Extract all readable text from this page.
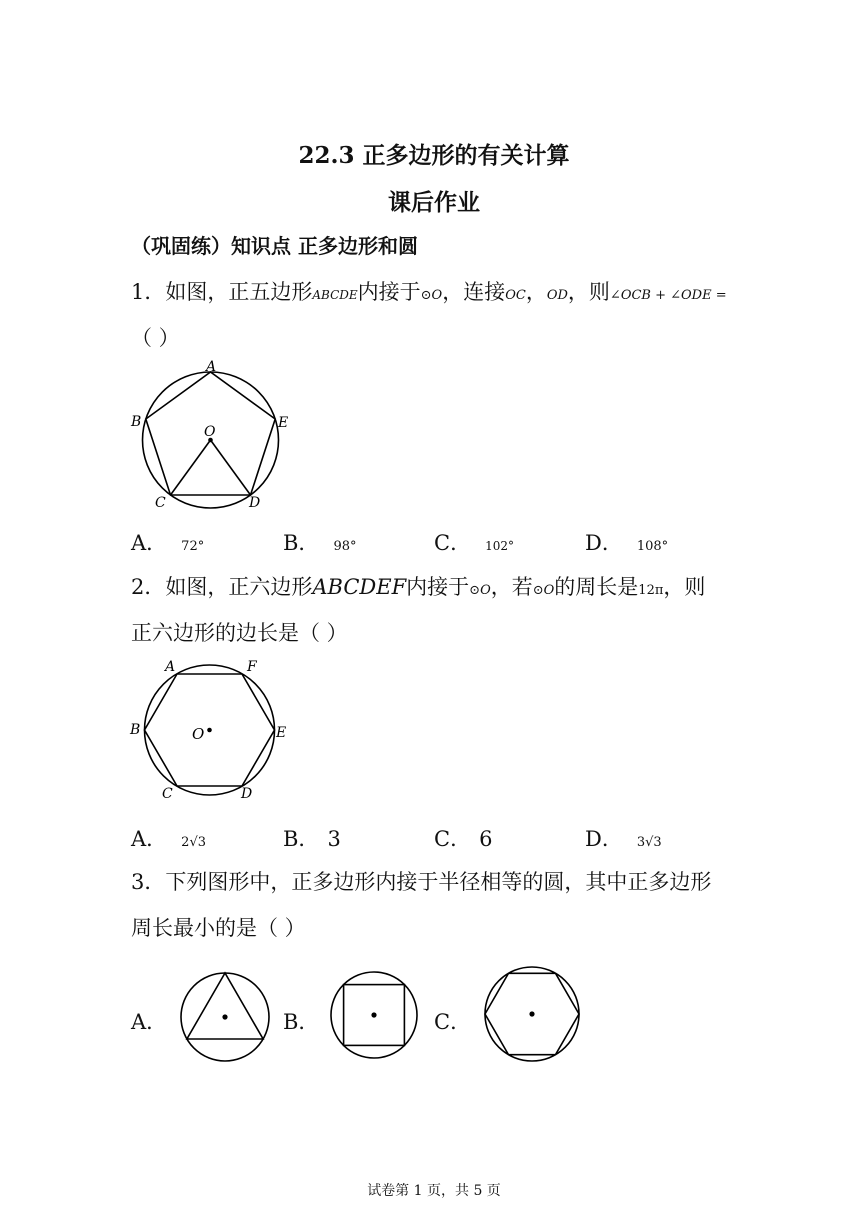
22.3 正多边形的有关计算
课后作业
（巩固练）知识点 正多边形和圆
1．如图，正五边形ABCDE内接于⊙O，连接OC，OD，则∠OCB + ∠ODE =
（ ）
A
B
C	D
E
O
A． 72°	B． 98°	C． 102°	D． 108°
2．如图，正六边形ABCDEF内接于⊙O，若⊙O的周长是12π，则
正六边形的边长是（ ）
A	F
B	E
C	D
O
A． 2√3	B． 3	C． 6	D． 3√3
3．下列图形中，正多边形内接于半径相等的圆，其中正多边形
周长最小的是（ ）
A．	B．	C．
试卷第 1 页，共 5 页
